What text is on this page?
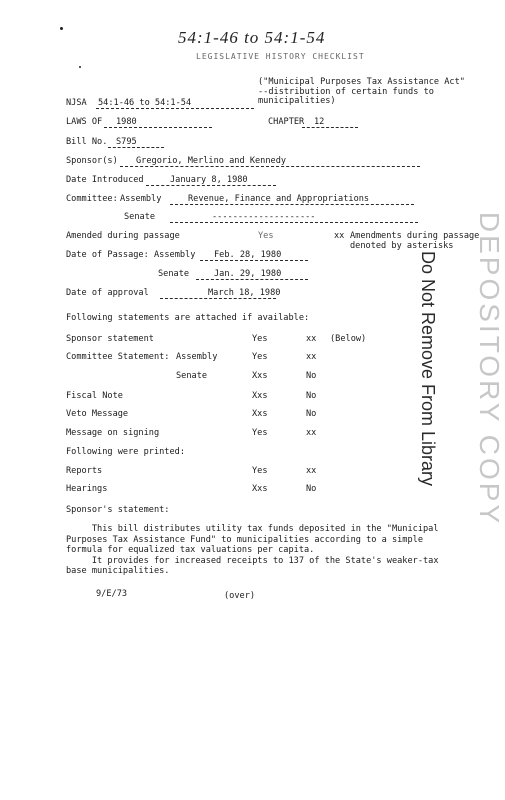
54:1-46 to 54:1-54
LEGISLATIVE HISTORY CHECKLIST
("Municipal Purposes Tax Assistance Act"
--distribution of certain funds to
municipalities)
NJSA 54:1-46 to 54:1-54
LAWS OF 1980	CHAPTER 12
Bill No. S795
Sponsor(s) Gregorio, Merlino and Kennedy
Date Introduced	January 8, 1980
Committee: Assembly	Revenue, Finance and Appropriations
Senate	--------------------
Amended during passage	Yes	xx Amendments during passage
denoted by asterisks
Date of Passage: Assembly Feb. 28, 1980
Senate	Jan. 29, 1980
Date of approval	March 18, 1980
Following statements are attached if available:
Sponsor statement	Yes	xx (Below)
Committee Statement: Assembly	Yes	xx
Senate	Xxs	No
Fiscal Note	Xxs	No
Veto Message	Xxs	No
Message on signing	Yes	xx
Following were printed:
Reports	Yes	xx
Hearings	Xxs	No
Sponsor's statement:

This bill distributes utility tax funds deposited in the "Municipal
Purposes Tax Assistance Fund" to municipalities according to a simple
formula for equalized tax valuations per capita.
It provides for increased receipts to 137 of the State's weaker-tax
base municipalities.

9/E/73	(over)
DEPOSITORY COPY
Do Not Remove From Library
